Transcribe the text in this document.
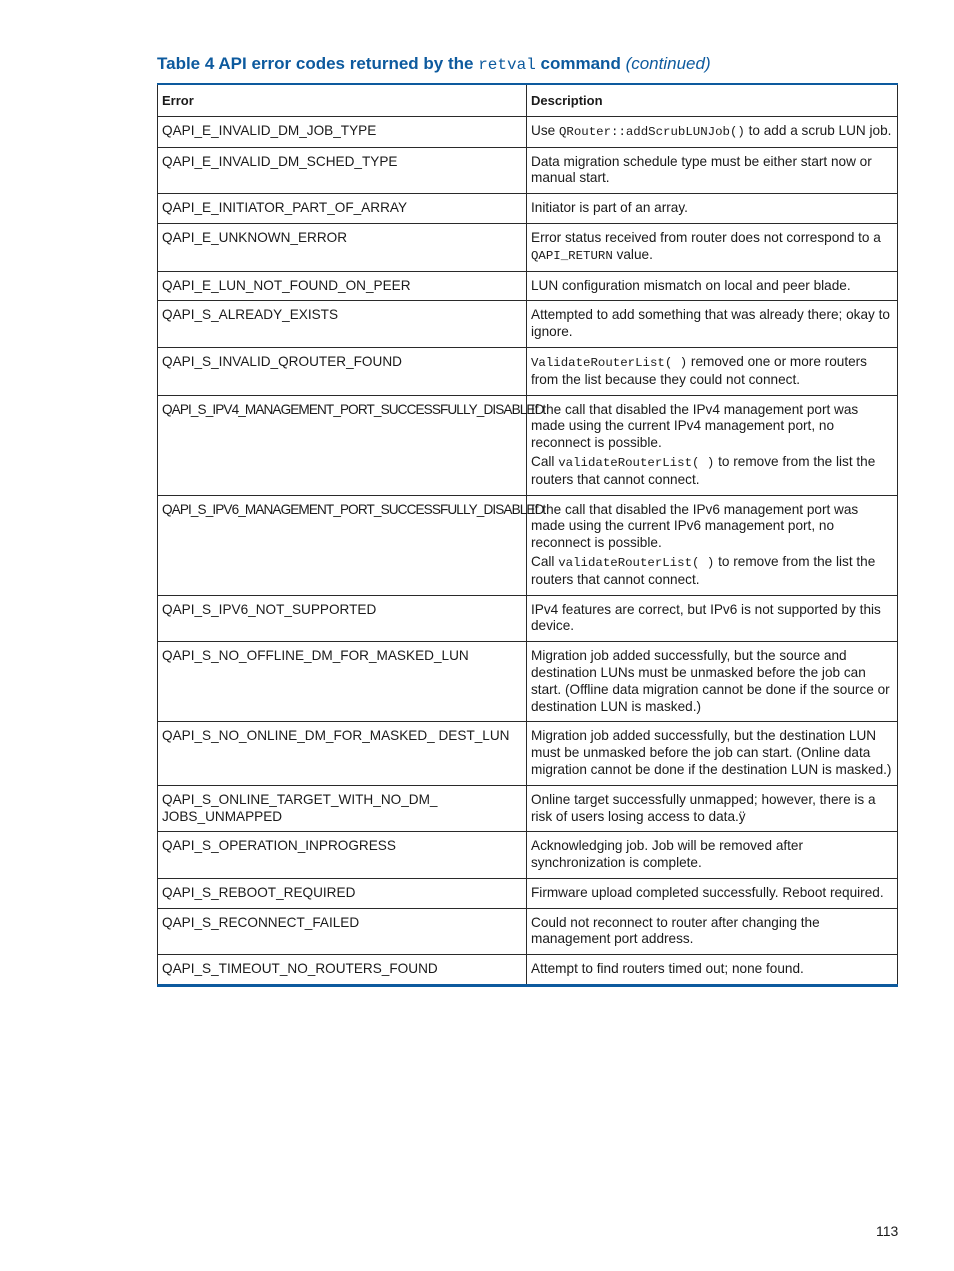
Table 4 API error codes returned by the retval command (continued)
Error	Description
QAPI_E_INVALID_DM_JOB_TYPE	Use QRouter::addScrubLUNJob() to add a scrub LUN job.
QAPI_E_INVALID_DM_SCHED_TYPE	Data migration schedule type must be either start now or manual start.
QAPI_E_INITIATOR_PART_OF_ARRAY	Initiator is part of an array.
QAPI_E_UNKNOWN_ERROR	Error status received from router does not correspond to a QAPI_RETURN value.
QAPI_E_LUN_NOT_FOUND_ON_PEER	LUN configuration mismatch on local and peer blade.
QAPI_S_ALREADY_EXISTS	Attempted to add something that was already there; okay to ignore.
QAPI_S_INVALID_QROUTER_FOUND	ValidateRouterList( ) removed one or more routers from the list because they could not connect.
QAPI_S_IPV4_MANAGEMENT_PORT_SUCCESSFULLY_DISABLED	If the call that disabled the IPv4 management port was made using the current IPv4 management port, no reconnect is possible.
Call validateRouterList( ) to remove from the list the routers that cannot connect.

QAPI_S_IPV6_MANAGEMENT_PORT_SUCCESSFULLY_DISABLED	If the call that disabled the IPv6 management port was made using the current IPv6 management port, no reconnect is possible.
Call validateRouterList( ) to remove from the list the routers that cannot connect.

QAPI_S_IPV6_NOT_SUPPORTED	IPv4 features are correct, but IPv6 is not supported by this device.
QAPI_S_NO_OFFLINE_DM_FOR_MASKED_LUN	Migration job added successfully, but the source and destination LUNs must be unmasked before the job can start. (Offline data migration cannot be done if the source or destination LUN is masked.)
QAPI_S_NO_ONLINE_DM_FOR_MASKED_ DEST_LUN	Migration job added successfully, but the destination LUN must be unmasked before the job can start. (Online data migration cannot be done if the destination LUN is masked.)
QAPI_S_ONLINE_TARGET_WITH_NO_DM_ JOBS_UNMAPPED	Online target successfully unmapped; however, there is a risk of users losing access to data.ÿ
QAPI_S_OPERATION_INPROGRESS	Acknowledging job. Job will be removed after synchronization is complete.
QAPI_S_REBOOT_REQUIRED	Firmware upload completed successfully. Reboot required.
QAPI_S_RECONNECT_FAILED	Could not reconnect to router after changing the management port address.
QAPI_S_TIMEOUT_NO_ROUTERS_FOUND	Attempt to find routers timed out; none found.
113
